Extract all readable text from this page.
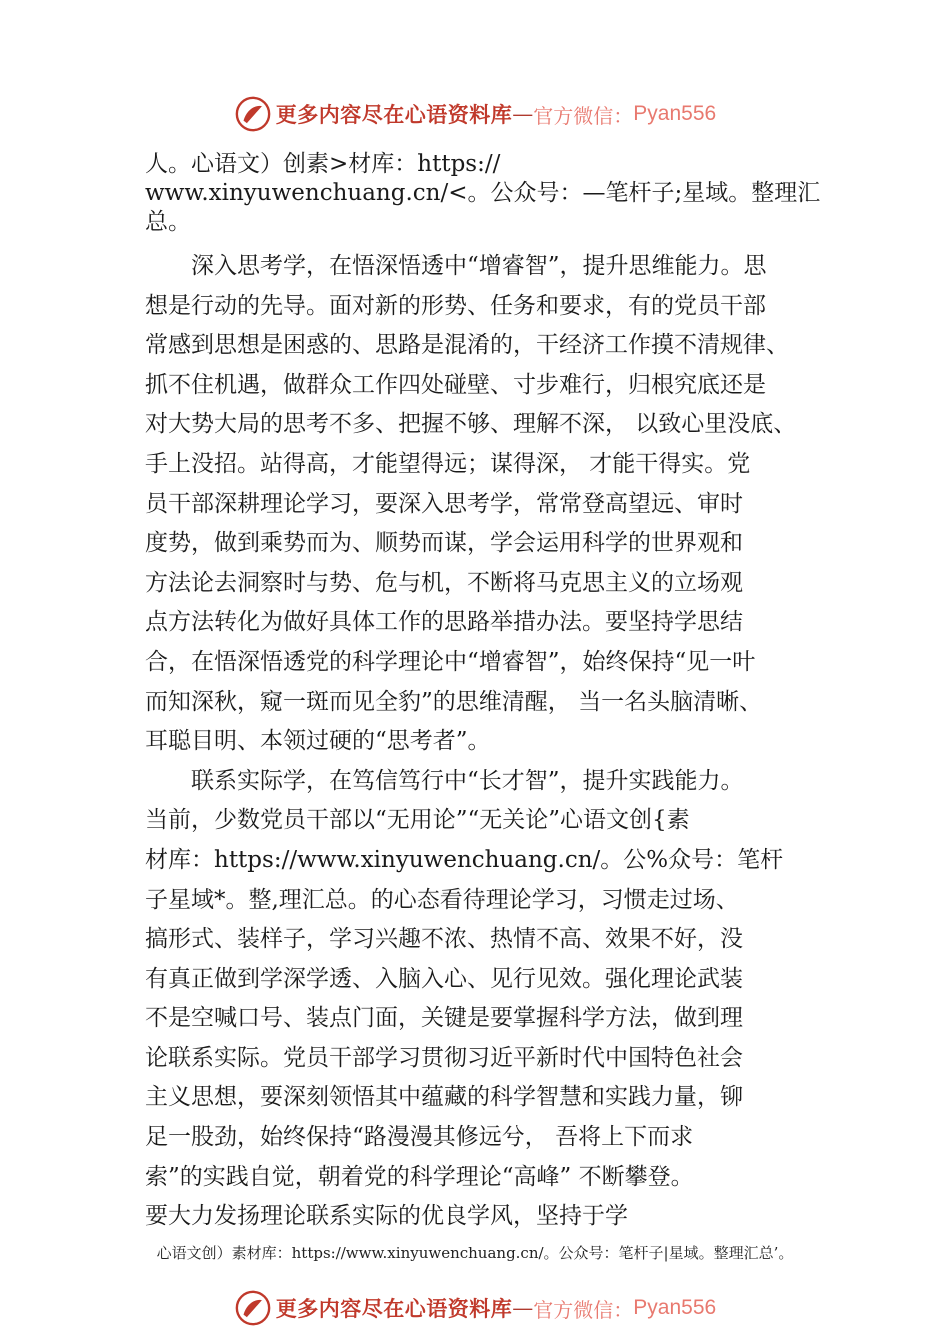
更多内容尽在心语资料库 — 官方微信： Pyan556

人。心语文）创素>材库：https://

www.xinyuwenchuang.cn/<。公众号：—笔杆子;星域。整理汇

总。

　　深入思考学，在悟深悟透中“增睿智”，提升思维能力。思

想是行动的先导。面对新的形势、任务和要求，有的党员干部

常感到思想是困惑的、思路是混淆的，干经济工作摸不清规律、

抓不住机遇，做群众工作四处碰壁、寸步难行，归根究底还是

对大势大局的思考不多、把握不够、理解不深， 以致心里没底、

手上没招。站得高，才能望得远；谋得深， 才能干得实。党

员干部深耕理论学习，要深入思考学，常常登高望远、审时

度势，做到乘势而为、顺势而谋，学会运用科学的世界观和

方法论去洞察时与势、危与机，不断将马克思主义的立场观

点方法转化为做好具体工作的思路举措办法。要坚持学思结

合，在悟深悟透党的科学理论中“增睿智”，始终保持“见一叶

而知深秋，窥一斑而见全豹”的思维清醒， 当一名头脑清晰、

耳聪目明、本领过硬的“思考者”。

　　联系实际学，在笃信笃行中“长才智”，提升实践能力。

当前，少数党员干部以“无用论”“无关论”心语文创{素

材库：https://www.xinyuwenchuang.cn/。公%众号：笔杆

子星域*。整,理汇总。的心态看待理论学习，习惯走过场、

搞形式、装样子，学习兴趣不浓、热情不高、效果不好，没

有真正做到学深学透、入脑入心、见行见效。强化理论武装

不是空喊口号、装点门面，关键是要掌握科学方法，做到理

论联系实际。党员干部学习贯彻习近平新时代中国特色社会

主义思想，要深刻领悟其中蕴藏的科学智慧和实践力量，铆

足一股劲，始终保持“路漫漫其修远兮， 吾将上下而求

索”的实践自觉，朝着党的科学理论“高峰” 不断攀登。

要大力发扬理论联系实际的优良学风，坚持于学

心语文创）素材库：https://www.xinyuwenchuang.cn/。公众号：笔杆子|星域。整理汇总’。
更多内容尽在心语资料库 — 官方微信： Pyan556
